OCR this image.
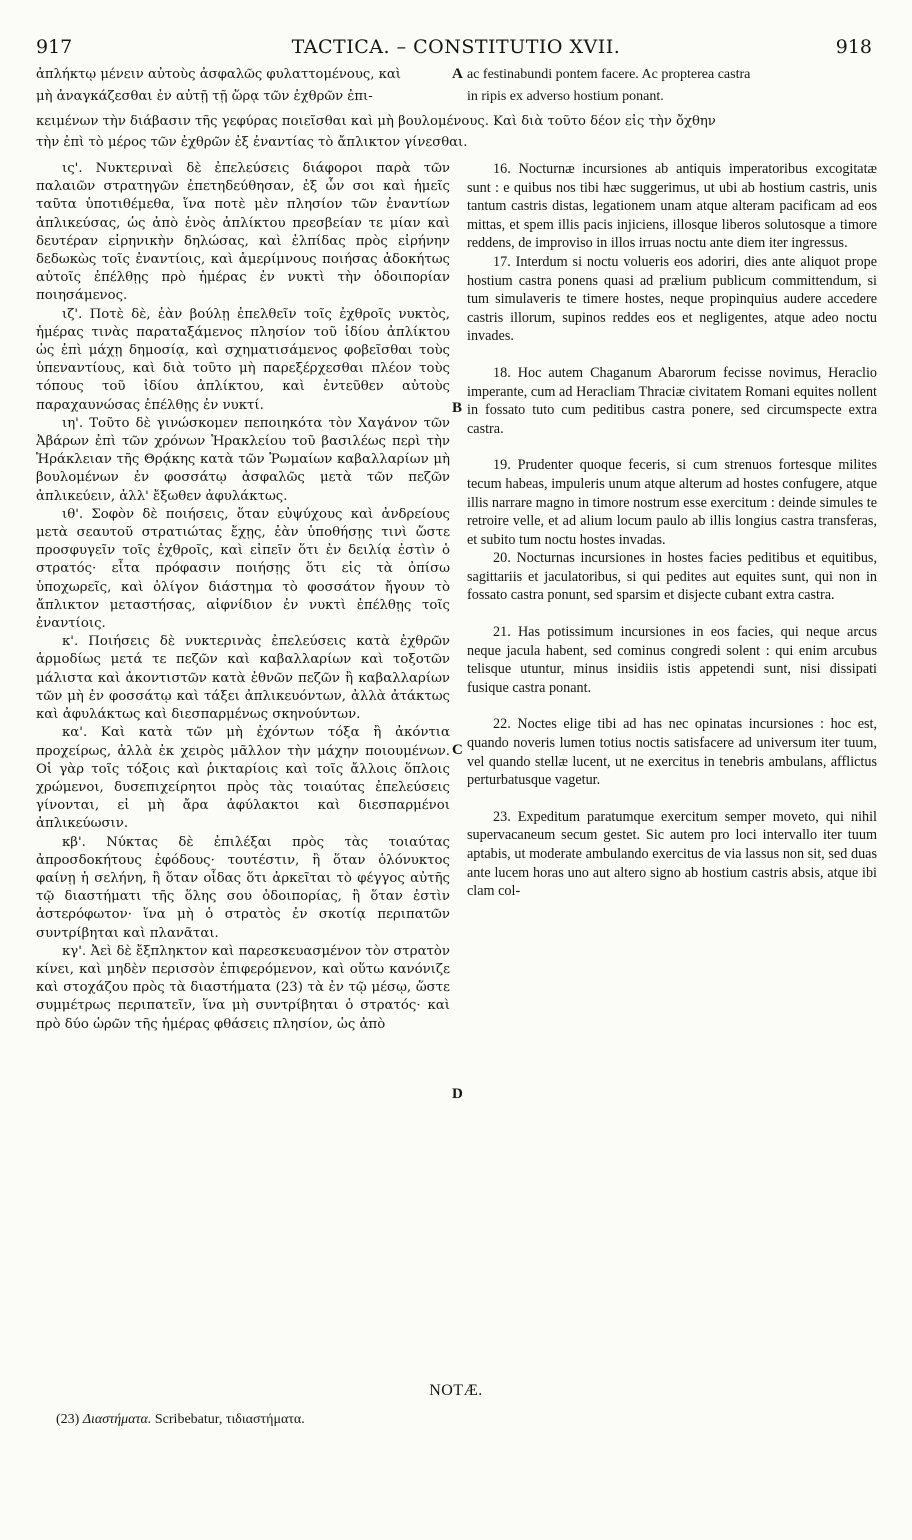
917	TACTICA. – CONSTITUTIO XVII.	918
ἀπλήκτῳ μένειν αὐτοὺς ἀσφαλῶς φυλαττομένους, καὶ	A ac festinabundi pontem facere. Ac propterea castra
μὴ ἀναγκάζεσθαι ἐν αὐτῇ τῇ ὥρᾳ τῶν ἐχθρῶν ἐπι-	in ripis ex adverso hostium ponant.
κειμένων τὴν διάβασιν τῆς γεφύρας ποιεῖσθαι καὶ μὴ βουλομένους. Καὶ διὰ τοῦτο δέον εἰς τὴν ὄχθην
τὴν ἐπὶ τὸ μέρος τῶν ἐχθρῶν ἐξ ἐναντίας τὸ ἄπλικτον γίνεσθαι.

ις'. Νυκτεριναὶ δὲ ἐπελεύσεις διάφοροι παρὰ τῶν παλαιῶν στρατηγῶν ἐπετηδεύθησαν, ἐξ ὧν σοι καὶ ἡμεῖς ταῦτα ὑποτιθέμεθα, ἵνα ποτὲ μὲν πλησίον τῶν ἐναντίων ἀπλικεύσας, ὡς ἀπὸ ἑνὸς ἀπλίκτου πρεσβείαν τε μίαν καὶ δευτέραν εἰρηνικὴν δηλώσας, καὶ ἐλπίδας πρὸς εἰρήνην δεδωκὼς τοῖς ἐναντίοις, καὶ ἀμερίμνους ποιήσας ἀδοκήτως αὐτοῖς ἐπέλθῃς πρὸ ἡμέρας ἐν νυκτὶ τὴν ὁδοιπορίαν ποιησάμενος.

ιζ'. Ποτὲ δὲ, ἐὰν βούλῃ ἐπελθεῖν τοῖς ἐχθροῖς νυκτὸς, ἡμέρας τινὰς παραταξάμενος πλησίον τοῦ ἰδίου ἀπλίκτου ὡς ἐπὶ μάχῃ δημοσίᾳ, καὶ σχηματισάμενος φοβεῖσθαι τοὺς ὑπεναντίους, καὶ διὰ τοῦτο μὴ παρεξέρχεσθαι πλέον τοὺς τόπους τοῦ ἰδίου ἀπλίκτου, καὶ ἐντεῦθεν αὐτοὺς παραχαυνώσας ἐπέλθῃς ἐν νυκτί.

ιη'. Τοῦτο δὲ γινώσκομεν πεποιηκότα τὸν Χαγάνον τῶν Ἀβάρων ἐπὶ τῶν χρόνων Ἡρακλείου τοῦ βασιλέως περὶ τὴν Ἡράκλειαν τῆς Θρᾴκης κατὰ τῶν Ῥωμαίων καβαλλαρίων μὴ βουλομένων ἐν φοσσάτῳ ἀσφαλῶς μετὰ τῶν πεζῶν ἀπλικεύειν, ἀλλ' ἔξωθεν ἀφυλάκτως.

ιθ'. Σοφὸν δὲ ποιήσεις, ὅταν εὐψύχους καὶ ἀνδρείους μετὰ σεαυτοῦ στρατιώτας ἔχῃς, ἐὰν ὑποθήσῃς τινὶ ὥστε προσφυγεῖν τοῖς ἐχθροῖς, καὶ εἰπεῖν ὅτι ἐν δειλίᾳ ἐστὶν ὁ στρατός· εἶτα πρόφασιν ποιήσῃς ὅτι εἰς τὰ ὀπίσω ὑποχωρεῖς, καὶ ὀλίγον διάστημα τὸ φοσσάτον ἤγουν τὸ ἄπλικτον μεταστήσας, αἰφνίδιον ἐν νυκτὶ ἐπέλθῃς τοῖς ἐναντίοις.

κ'. Ποιήσεις δὲ νυκτερινὰς ἐπελεύσεις κατὰ ἐχθρῶν ἁρμοδίως μετά τε πεζῶν καὶ καβαλλαρίων καὶ τοξοτῶν μάλιστα καὶ ἀκοντιστῶν κατὰ ἐθνῶν πεζῶν ἢ καβαλλαρίων τῶν μὴ ἐν φοσσάτῳ καὶ τάξει ἀπλικευόντων, ἀλλὰ ἀτάκτως καὶ ἀφυλάκτως καὶ διεσπαρμένως σκηνούντων.

κα'. Καὶ κατὰ τῶν μὴ ἐχόντων τόξα ἢ ἀκόντια προχείρως, ἀλλὰ ἐκ χειρὸς μᾶλλον τὴν μάχην ποιουμένων. Οἱ γὰρ τοῖς τόξοις καὶ ῥικταρίοις καὶ τοῖς ἄλλοις ὅπλοις χρώμενοι, δυσεπιχείρητοι πρὸς τὰς τοιαύτας ἐπελεύσεις γίνονται, εἰ μὴ ἄρα ἀφύλακτοι καὶ διεσπαρμένοι ἀπλικεύωσιν.

κβ'. Νύκτας δὲ ἐπιλέξαι πρὸς τὰς τοιαύτας ἀπροσδοκήτους ἐφόδους· τουτέστιν, ἢ ὅταν ὁλόνυκτος φαίνῃ ἡ σελήνη, ἢ ὅταν οἶδας ὅτι ἀρκεῖται τὸ φέγγος αὐτῆς τῷ διαστήματι τῆς ὅλης σου ὁδοιπορίας, ἢ ὅταν ἐστὶν ἀστερόφωτον· ἵνα μὴ ὁ στρατὸς ἐν σκοτίᾳ περιπατῶν συντρίβηται καὶ πλανᾶται.

κγ'. Ἀεὶ δὲ ἔξπληκτον καὶ παρεσκευασμένον τὸν στρατὸν κίνει, καὶ μηδὲν περισσὸν ἐπιφερόμενον, καὶ οὕτω κανόνιζε καὶ στοχάζου πρὸς τὰ διαστήματα (23) τὰ ἐν τῷ μέσῳ, ὥστε συμμέτρως περιπατεῖν, ἵνα μὴ συντρίβηται ὁ στρατός· καὶ πρὸ δύο ὡρῶν τῆς ἡμέρας φθάσεις πλησίον, ὡς ἀπὸ

16. Nocturnæ incursiones ab antiquis imperatoribus excogitatæ sunt : e quibus nos tibi hæc suggerimus, ut ubi ab hostium castris, unis tantum castris distas, legationem unam atque alteram pacificam ad eos mittas, et spem illis pacis injiciens, illosque liberos solutosque a timore reddens, de improviso in illos irruas noctu ante diem iter ingressus.

17. Interdum si noctu volueris eos adoriri, dies ante aliquot prope hostium castra ponens quasi ad prælium publicum committendum, si tum simulaveris te timere hostes, neque propinquius audere accedere castris illorum, supinos reddes eos et negligentes, atque adeo noctu invades.

18. Hoc autem Chaganum Abarorum fecisse novimus, Heraclio imperante, cum ad Heracliam Thraciæ civitatem Romani equites nollent in fossato tuto cum peditibus castra ponere, sed circumspecte extra castra.

19. Prudenter quoque feceris, si cum strenuos fortesque milites tecum habeas, impuleris unum atque alterum ad hostes confugere, atque illis narrare magno in timore nostrum esse exercitum : deinde simules te retroire velle, et ad alium locum paulo ab illis longius castra transferas, et subito tum noctu hostes invadas.

20. Nocturnas incursiones in hostes facies peditibus et equitibus, sagittariis et jaculatoribus, si qui pedites aut equites sunt, qui non in fossato castra ponunt, sed sparsim et disjecte cubant extra castra.

21. Has potissimum incursiones in eos facies, qui neque arcus neque jacula habent, sed cominus congredi solent : qui enim arcubus telisque utuntur, minus insidiis istis appetendi sunt, nisi dissipati fusique castra ponant.

22. Noctes elige tibi ad has nec opinatas incursiones : hoc est, quando noveris lumen totius noctis satisfacere ad universum iter tuum, vel quando stellæ lucent, ut ne exercitus in tenebris ambulans, afflictus perturbatusque vagetur.

23. Expeditum paratumque exercitum semper moveto, qui nihil supervacaneum secum gestet. Sic autem pro loci intervallo iter tuum aptabis, ut moderate ambulando exercitus de via lassus non sit, sed duas ante lucem horas uno aut altero signo ab hostium castris absis, atque ibi clam col-

B
C
D
NOTÆ.
(23) Διαστήματα. Scribebatur, τιδιαστήματα.
